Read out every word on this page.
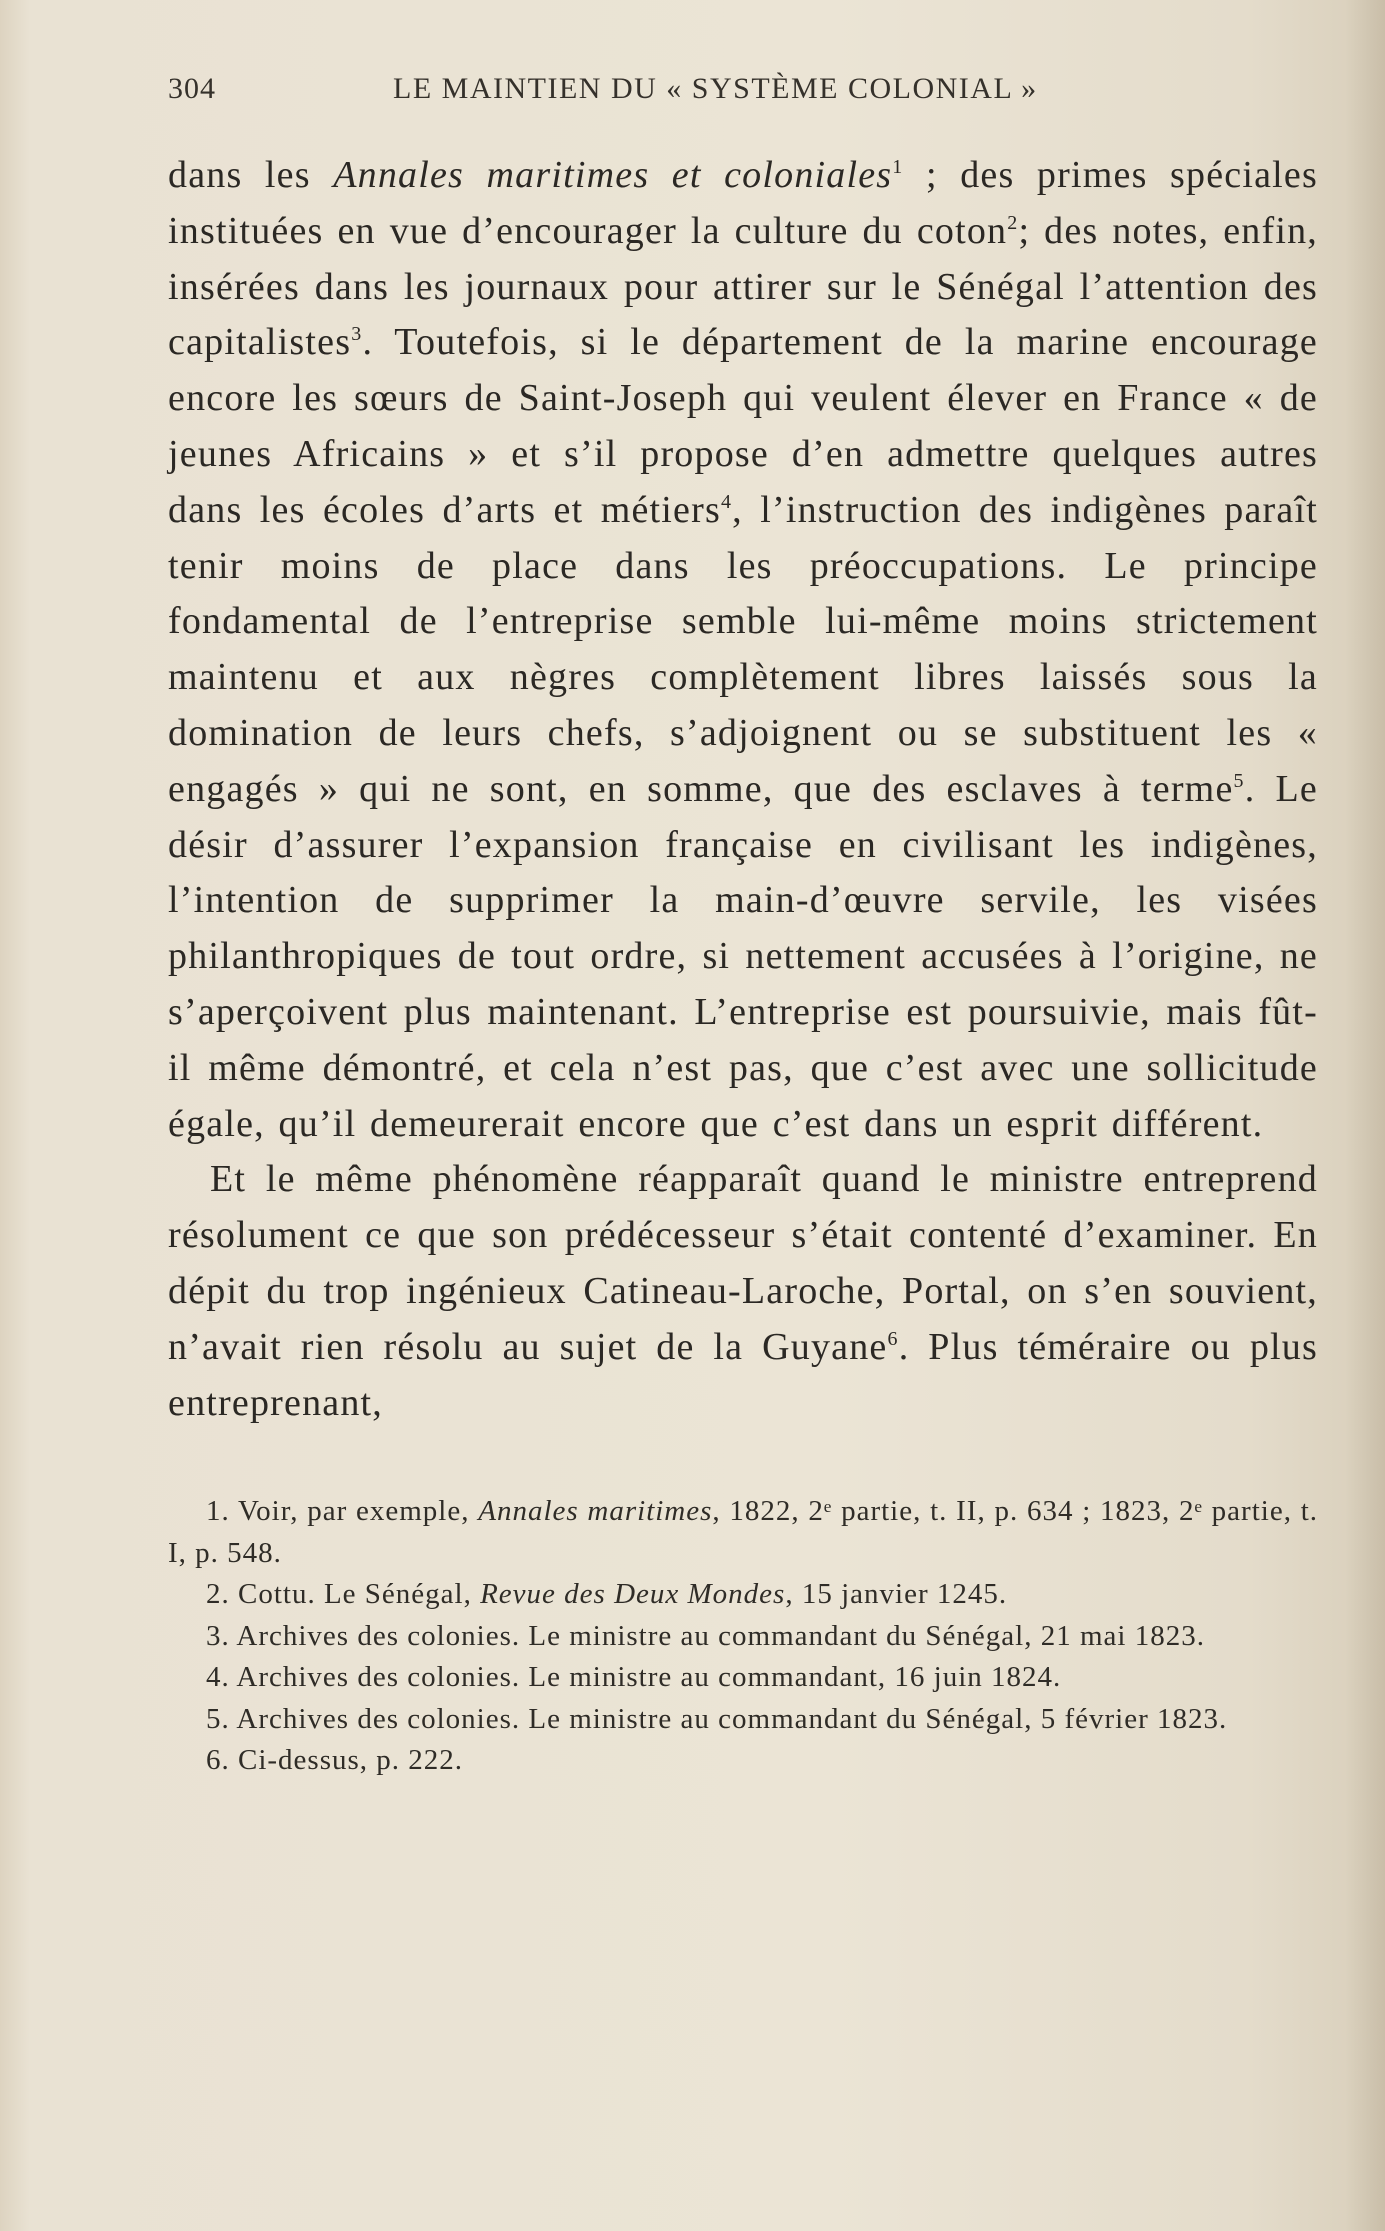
304	LE MAINTIEN DU « SYSTÈME COLONIAL »

dans les Annales maritimes et coloniales$^1$ ; des primes spéciales instituées en vue d’encourager la culture du coton$^2$; des notes, enfin, insérées dans les journaux pour attirer sur le Sénégal l’attention des capitalistes$^3$. Toutefois, si le département de la marine encourage encore les sœurs de Saint-Joseph qui veulent élever en France « de jeunes Africains » et s’il propose d’en admettre quelques autres dans les écoles d’arts et métiers$^4$, l’instruction des indigènes paraît tenir moins de place dans les préoccupations. Le principe fondamental de l’entreprise semble lui-même moins strictement maintenu et aux nègres complètement libres laissés sous la domination de leurs chefs, s’adjoignent ou se substituent les « engagés » qui ne sont, en somme, que des esclaves à terme$^5$. Le désir d’assurer l’expansion française en civilisant les indigènes, l’intention de supprimer la main-d’œuvre servile, les visées philanthropiques de tout ordre, si nettement accusées à l’origine, ne s’aperçoivent plus maintenant. L’entreprise est poursuivie, mais fût-il même démontré, et cela n’est pas, que c’est avec une sollicitude égale, qu’il demeurerait encore que c’est dans un esprit différent.

Et le même phénomène réapparaît quand le ministre entreprend résolument ce que son prédécesseur s’était contenté d’examiner. En dépit du trop ingénieux Catineau-Laroche, Portal, on s’en souvient, n’avait rien résolu au sujet de la Guyane$^6$. Plus téméraire ou plus entreprenant,

1. Voir, par exemple, Annales maritimes, 1822, 2ᵉ partie, t. II, p. 634 ; 1823, 2ᵉ partie, t. I, p. 548.

2. Cottu. Le Sénégal, Revue des Deux Mondes, 15 janvier 1245.

3. Archives des colonies. Le ministre au commandant du Sénégal, 21 mai 1823.

4. Archives des colonies. Le ministre au commandant, 16 juin 1824.

5. Archives des colonies. Le ministre au commandant du Sénégal, 5 février 1823.

6. Ci-dessus, p. 222.
